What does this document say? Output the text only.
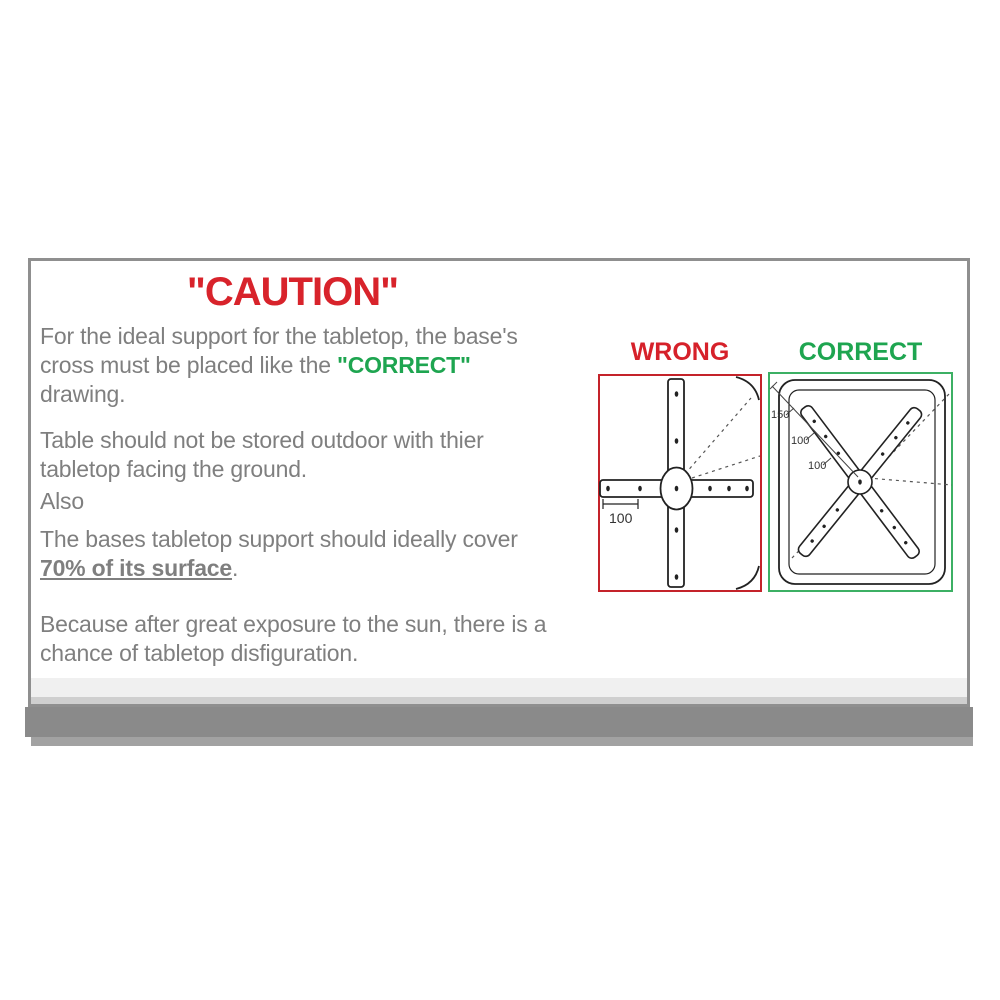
"CAUTION"

For the ideal support for the tabletop, the base's
cross must be placed like the "CORRECT"
drawing.

Table should not be stored outdoor with thier
tabletop facing the ground.

Also

The bases tabletop support should ideally cover
70% of its surface.

Because after great exposure to the sun, there is a
chance of tabletop disfiguration.

WRONG	CORRECT
100
150
100
100
